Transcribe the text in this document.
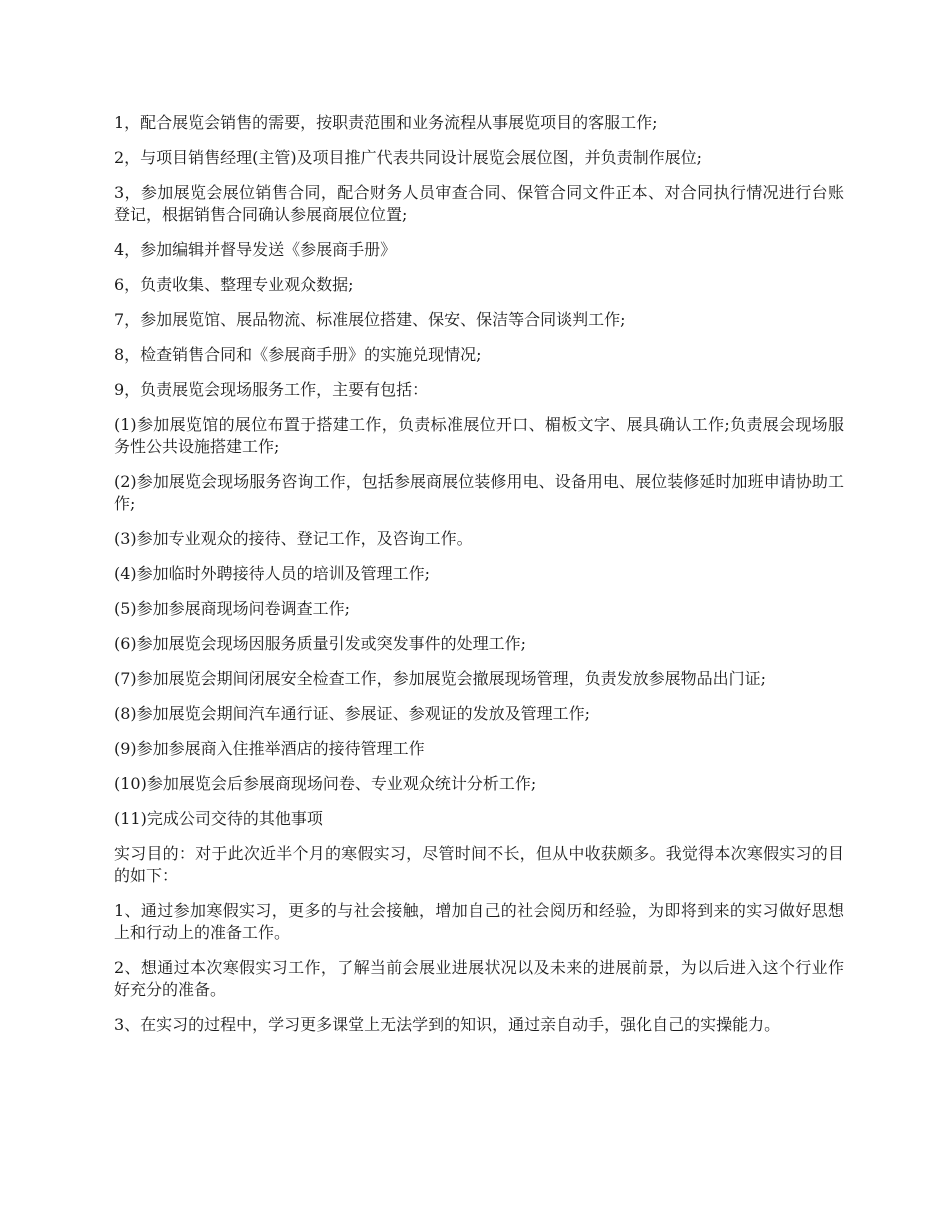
1，配合展览会销售的需要，按职责范围和业务流程从事展览项目的客服工作;

2，与项目销售经理(主管)及项目推广代表共同设计展览会展位图，并负责制作展位;

3，参加展览会展位销售合同，配合财务人员审查合同、保管合同文件正本、对合同执行情况进行台账登记，根据销售合同确认参展商展位位置;

4，参加编辑并督导发送《参展商手册》

6，负责收集、整理专业观众数据;

7，参加展览馆、展品物流、标准展位搭建、保安、保洁等合同谈判工作;

8，检查销售合同和《参展商手册》的实施兑现情况;

9，负责展览会现场服务工作，主要有包括：

(1)参加展览馆的展位布置于搭建工作，负责标准展位开口、楣板文字、展具确认工作;负责展会现场服务性公共设施搭建工作;

(2)参加展览会现场服务咨询工作，包括参展商展位装修用电、设备用电、展位装修延时加班申请协助工作;

(3)参加专业观众的接待、登记工作，及咨询工作。

(4)参加临时外聘接待人员的培训及管理工作;

(5)参加参展商现场问卷调查工作;

(6)参加展览会现场因服务质量引发或突发事件的处理工作;

(7)参加展览会期间闭展安全检查工作，参加展览会撤展现场管理，负责发放参展物品出门证;

(8)参加展览会期间汽车通行证、参展证、参观证的发放及管理工作;

(9)参加参展商入住推举酒店的接待管理工作

(10)参加展览会后参展商现场问卷、专业观众统计分析工作;

(11)完成公司交待的其他事项

实习目的：对于此次近半个月的寒假实习，尽管时间不长，但从中收获颇多。我觉得本次寒假实习的目的如下：

1、通过参加寒假实习，更多的与社会接触，增加自己的社会阅历和经验，为即将到来的实习做好思想上和行动上的准备工作。

2、想通过本次寒假实习工作，了解当前会展业进展状况以及未来的进展前景，为以后进入这个行业作好充分的准备。

3、在实习的过程中，学习更多课堂上无法学到的知识，通过亲自动手，强化自己的实操能力。
